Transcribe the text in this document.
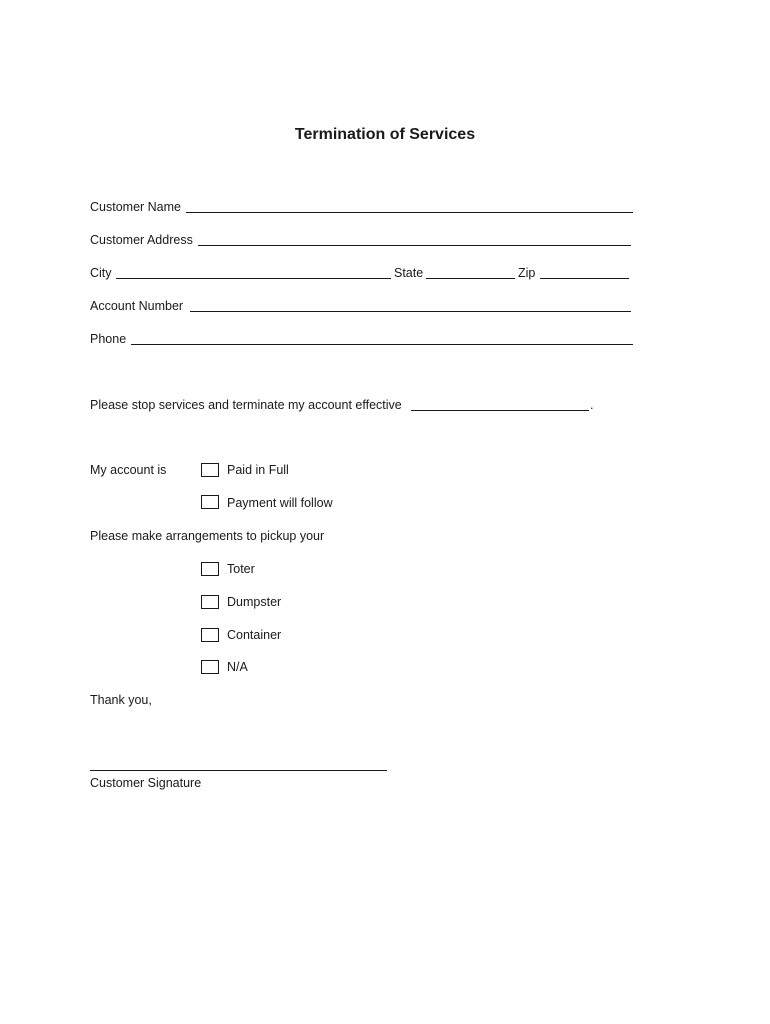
Termination of Services
Customer Name
Customer Address
City	State	Zip
Account Number
Phone
Please stop services and terminate my account effective	.
My account is	Paid in Full
Payment will follow
Please make arrangements to pickup your
Toter
Dumpster
Container
N/A
Thank you,
Customer Signature
